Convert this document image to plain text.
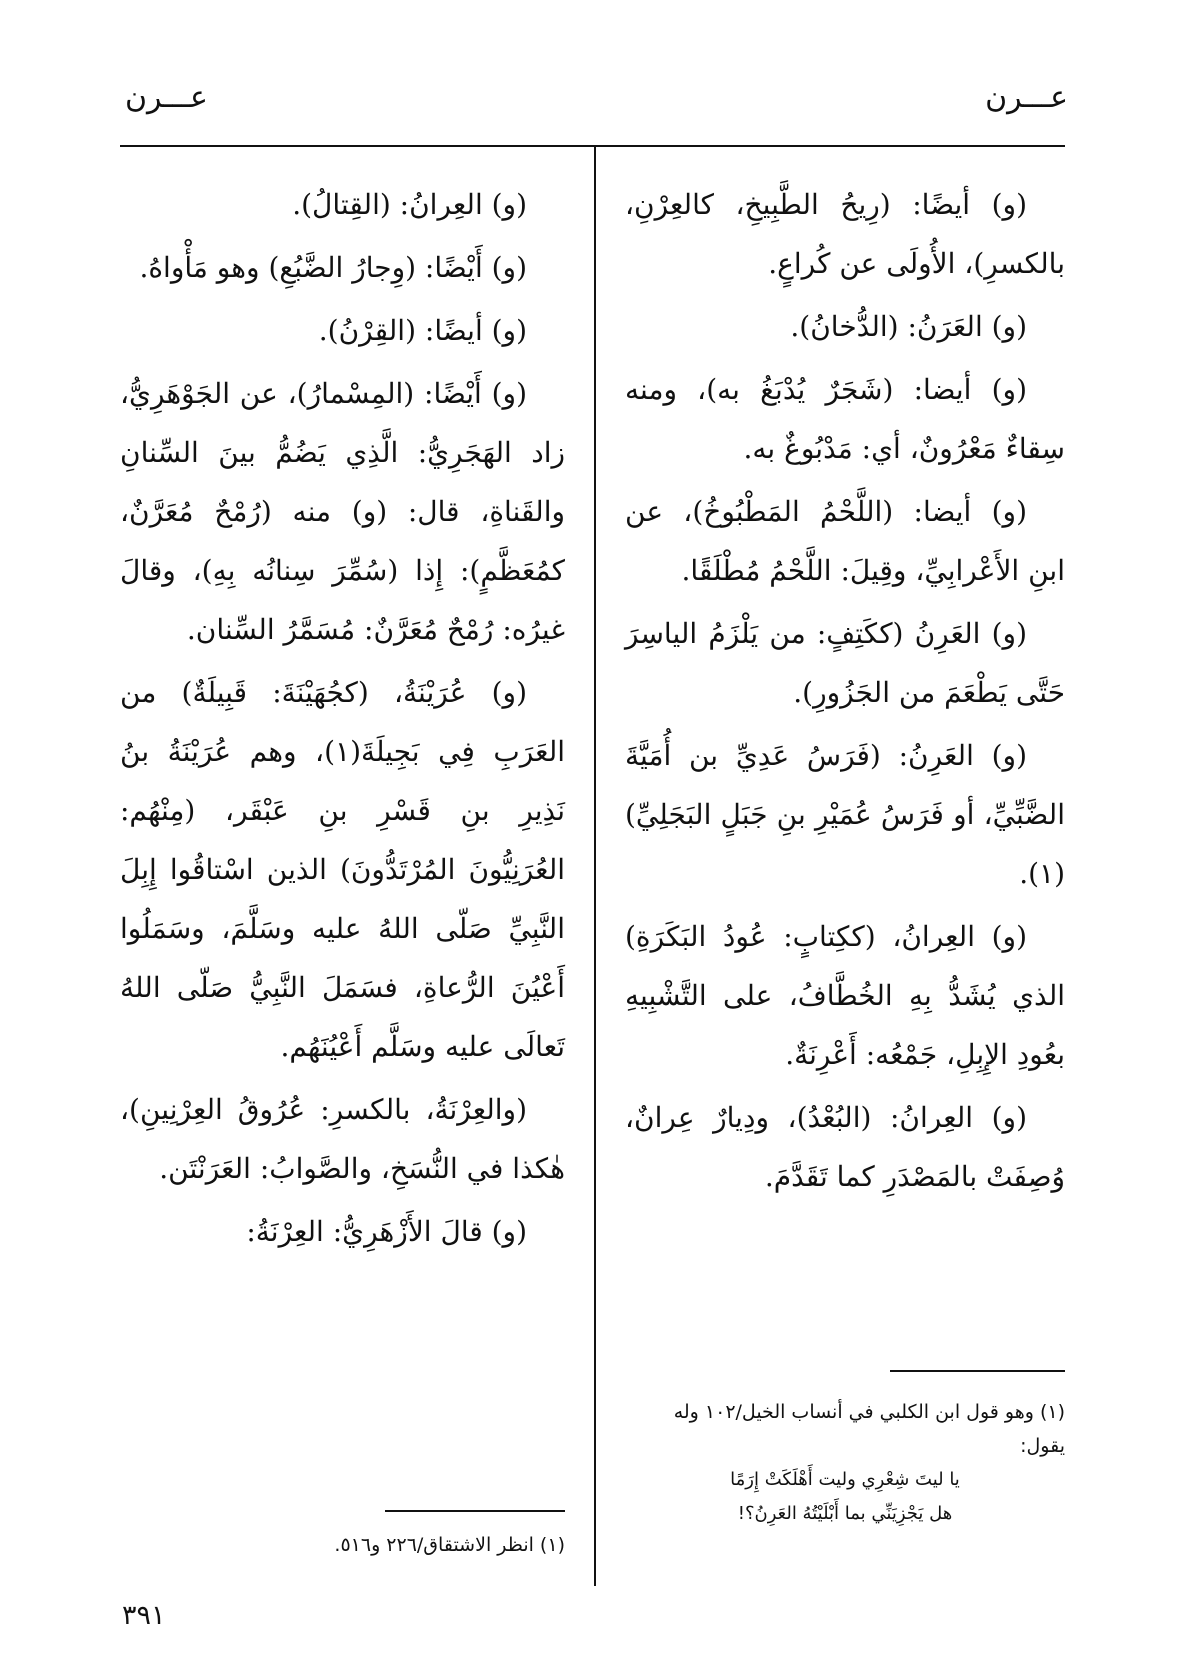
عـــرن
عـــرن

(و) أيضًا: (رِيحُ الطَّبِيخِ، كالعِرْنِ، بالكسرِ)، الأُولَى عن كُراعٍ.

(و) العَرَنُ: (الدُّخانُ).

(و) أيضا: (شَجَرٌ يُدْبَغُ به)، ومنه سِقاءٌ مَعْرُونٌ، أي: مَدْبُوغٌ به.

(و) أيضا: (اللَّحْمُ المَطْبُوخُ)، عن ابنِ الأَعْرابِيِّ، وقِيلَ: اللَّحْمُ مُطْلَقًا.

(و) العَرِنُ (ككَتِفٍ: من يَلْزَمُ الياسِرَ حَتَّى يَطْعَمَ من الجَزُورِ).

(و) العَرِنُ: (فَرَسُ عَدِيِّ بن أُمَيَّةَ الضَّبِّيِّ، أو فَرَسُ عُمَيْرِ بنِ جَبَلٍ البَجَلِيِّ)(١).

(و) العِرانُ، (ككِتابٍ: عُودُ البَكَرَةِ) الذي يُشَدُّ بِهِ الخُطَّافُ، على التَّشْبِيهِ بعُودِ الإِبِلِ، جَمْعُه: أَعْرِنَةٌ.

(و) العِرانُ: (البُعْدُ)، ودِيارٌ عِرانٌ، وُصِفَتْ بالمَصْدَرِ كما تَقَدَّمَ.

(و) العِرانُ: (القِتالُ).

(و) أَيْضًا: (وِجارُ الضَّبُعِ) وهو مَأْواهُ.

(و) أيضًا: (القِرْنُ).

(و) أَيْضًا: (المِسْمارُ)، عن الجَوْهَرِيُّ، زاد الهَجَرِيُّ: الَّذِي يَضُمُّ بينَ السِّنانِ والقَناةِ، قال: (و) منه (رُمْحٌ مُعَرَّنٌ، كمُعَظَّمٍ): إِذا (سُمِّرَ سِنانُه بِهِ)، وقالَ غيرُه: رُمْحٌ مُعَرَّنٌ: مُسَمَّرُ السِّنان.

(و) عُرَيْنَةُ، (كجُهَيْنَةَ: قَبِيلَةٌ) من العَرَبِ فِي بَجِيلَةَ(١)، وهم عُرَيْنَةُ بنُ نَذِيرِ بنِ قَسْرِ بنِ عَبْقَر، (مِنْهُم: العُرَنِيُّونَ المُرْتَدُّونَ) الذين اسْتاقُوا إِبِلَ النَّبِيِّ صَلّى اللهُ عليه وسَلَّمَ، وسَمَلُوا أَعْيُنَ الرُّعاةِ، فسَمَلَ النَّبِيُّ صَلّى اللهُ تَعالَى عليه وسَلَّم أَعْيُنَهُم.

(والعِرْنَةُ، بالكسرِ: عُرُوقُ العِرْنِينِ)، هٰكذا في النُّسَخِ، والصَّوابُ: العَرَنْتَن.

(و) قالَ الأَزْهَرِيُّ: العِرْنَةُ:

(١) وهو قول ابن الكلبي في أنساب الخيل/١٠٢ وله يقول:
يا ليتَ شِعْرِي وليت أَهْلَكَتْ إِرَمًا
هل يَجْزِيَنِّي بما أَبْلَيْتُهُ العَرِنُ؟!
(١) انظر الاشتقاق/٢٢٦ و٥١٦.
٣٩١
